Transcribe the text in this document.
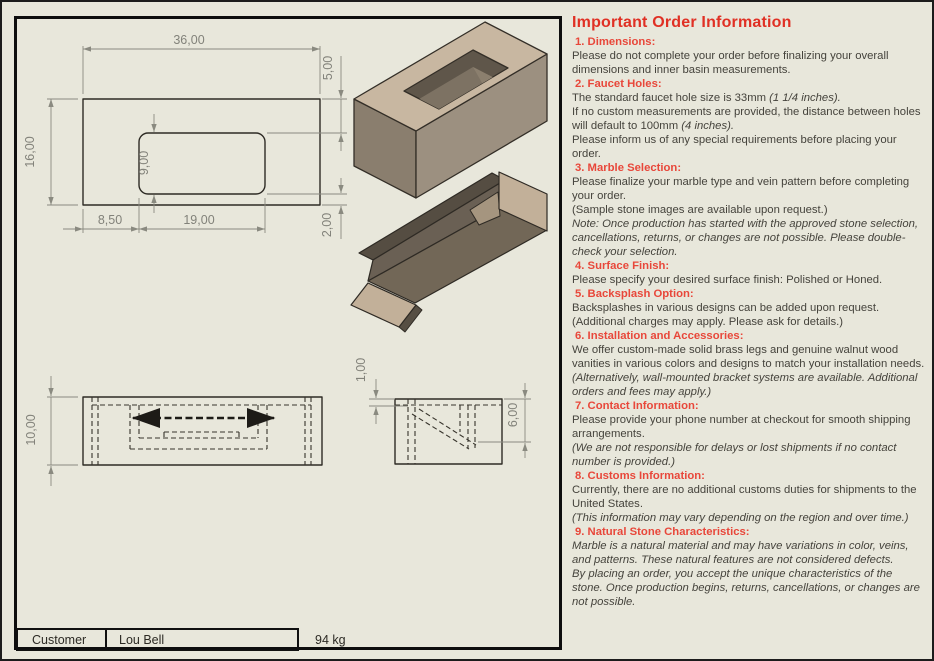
36,00
16,00	9,00
8,50	19,00
5,00
2,00
10,00
1,00
6,00
Customer	Lou Bell	94 kg
Important Order Information
1. Dimensions:
Please do not complete your order before finalizing your overall dimensions and inner basin measurements.
2. Faucet Holes:
The standard faucet hole size is 33mm (1 1/4 inches).
If no custom measurements are provided, the distance between holes will default to 100mm (4 inches).
Please inform us of any special requirements before placing your order.
3. Marble Selection:
Please finalize your marble type and vein pattern before completing your order.
(Sample stone images are available upon request.)
Note: Once production has started with the approved stone selection, cancellations, returns, or changes are not possible. Please double-check your selection.
4. Surface Finish:
Please specify your desired surface finish: Polished or Honed.
5. Backsplash Option:
Backsplashes in various designs can be added upon request.
(Additional charges may apply. Please ask for details.)
6. Installation and Accessories:
We offer custom-made solid brass legs and genuine walnut wood vanities in various colors and designs to match your installation needs.
(Alternatively, wall-mounted bracket systems are available. Additional orders and fees may apply.)
7. Contact Information:
Please provide your phone number at checkout for smooth shipping arrangements.
(We are not responsible for delays or lost shipments if no contact number is provided.)
8. Customs Information:
Currently, there are no additional customs duties for shipments to the United States.
(This information may vary depending on the region and over time.)
9. Natural Stone Characteristics:
Marble is a natural material and may have variations in color, veins, and patterns. These natural features are not considered defects.
By placing an order, you accept the unique characteristics of the stone. Once production begins, returns, cancellations, or changes are not possible.
